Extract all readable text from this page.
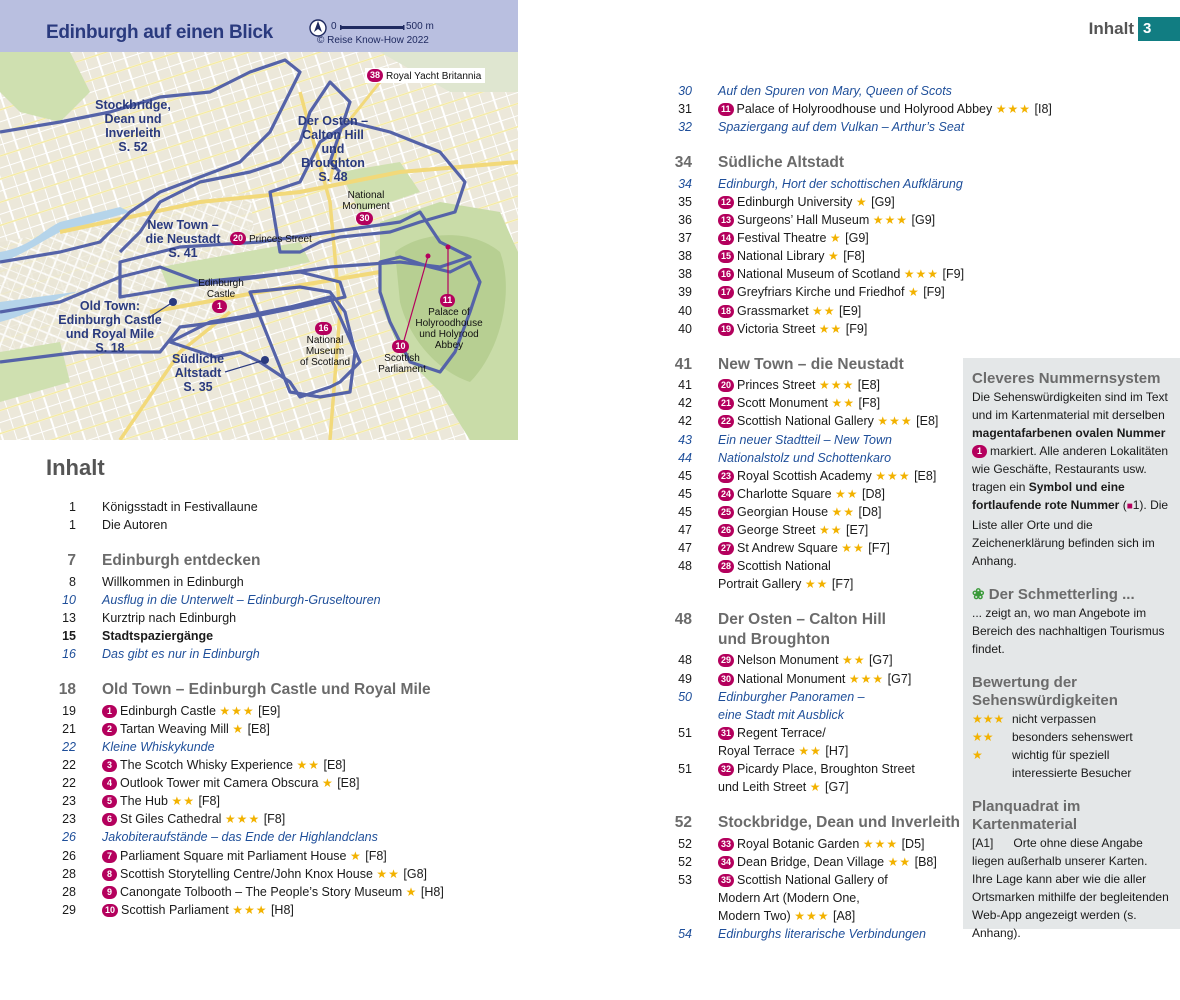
Edinburgh auf einen Blick	0	500 m
© Reise Know-How 2022
Stockbridge,
Dean und
Inverleith
S. 52
Der Osten –
Calton Hill
und
Broughton
S. 48
New Town –
die Neustadt
S. 41
Old Town:
Edinburgh Castle
und Royal Mile
S. 18
Südliche
Altstadt
S. 35
38 Royal Yacht Britannia
National
Monument
30
20 Princes Street
Edinburgh
Castle
1
16
National
Museum
of Scotland
10
Scottish
Parliament
11
Palace of
Holyroodhouse
und Holyrood
Abbey
Inhalt
1 Königsstadt in Festivallaune
1 Die Autoren
7 Edinburgh entdecken
8 Willkommen in Edinburgh
10 Ausflug in die Unterwelt – Edinburgh-Gruseltouren
13 Kurztrip nach Edinburgh
15 Stadtspaziergänge
16 Das gibt es nur in Edinburgh
18 Old Town – Edinburgh Castle und Royal Mile
19	1 Edinburgh Castle ★★★ [E9]
21	2 Tartan Weaving Mill ★ [E8]
22 Kleine Whiskykunde
22	3 The Scotch Whisky Experience ★★ [E8]
22	4 Outlook Tower mit Camera Obscura ★ [E8]
23	5 The Hub ★★ [F8]
23	6 St Giles Cathedral ★★★ [F8]
26 Jakobiteraufstände – das Ende der Highlandclans
26	7 Parliament Square mit Parliament House ★ [F8]
28	8 Scottish Storytelling Centre/John Knox House ★★ [G8]
28	9 Canongate Tolbooth – The People’s Story Museum ★ [H8]
29	10 Scottish Parliament ★★★ [H8]
Inhalt 3
30 Auf den Spuren von Mary, Queen of Scots
31	11 Palace of Holyroodhouse und Holyrood Abbey ★★★ [I8]
32 Spaziergang auf dem Vulkan – Arthur’s Seat
34 Südliche Altstadt
34 Edinburgh, Hort der schottischen Aufklärung
35	12 Edinburgh University ★ [G9]
36	13 Surgeons’ Hall Museum ★★★ [G9]
37	14 Festival Theatre ★ [G9]
38	15 National Library ★ [F8]
38	16 National Museum of Scotland ★★★ [F9]
39	17 Greyfriars Kirche und Friedhof ★ [F9]
40	18 Grassmarket ★★ [E9]
40	19 Victoria Street ★★ [F9]
41 New Town – die Neustadt
41	20 Princes Street ★★★ [E8]
42	21 Scott Monument ★★ [F8]
42	22 Scottish National Gallery ★★★ [E8]
43 Ein neuer Stadtteil – New Town
44 Nationalstolz und Schottenkaro
45	23 Royal Scottish Academy ★★★ [E8]
45	24 Charlotte Square ★★ [D8]
45	25 Georgian House ★★ [D8]
47	26 George Street ★★ [E7]
47	27 St Andrew Square ★★ [F7]
48	28 Scottish National
Portrait Gallery ★★ [F7]
48 Der Osten – Calton Hill
und Broughton
48	29 Nelson Monument ★★ [G7]
49	30 National Monument ★★★ [G7]
50 Edinburgher Panoramen –
eine Stadt mit Ausblick
51	31 Regent Terrace/
Royal Terrace ★★ [H7]
51	32 Picardy Place, Broughton Street
und Leith Street ★ [G7]
52 Stockbridge, Dean und Inverleith
52	33 Royal Botanic Garden ★★★ [D5]
52	34 Dean Bridge, Dean Village ★★ [B8]
53	35 Scottish National Gallery of
Modern Art (Modern One,
Modern Two) ★★★ [A8]
54 Edinburghs literarische Verbindungen
Cleveres Nummernsystem
Die Sehenswürdigkeiten sind im Text und im Kartenmaterial mit derselben magentafarbenen ovalen Nummer 1 markiert. Alle anderen Lokalitäten wie Geschäfte, Restaurants usw. tragen ein Symbol und eine fortlaufende rote Nummer (■1). Die Liste aller Orte und die Zeichenerklärung befinden sich im Anhang.
❀ Der Schmetterling ...
... zeigt an, wo man Angebote im Bereich des nachhaltigen Tourismus findet.
Bewertung der Sehenswürdigkeiten
★★★ nicht verpassen
★★	besonders sehenswert
★	wichtig für speziell
interessierte Besucher
Planquadrat im Kartenmaterial
[A1] Orte ohne diese Angabe liegen außerhalb unserer Karten. Ihre Lage kann aber wie die aller Ortsmarken mithilfe der begleitenden Web-App angezeigt werden (s. Anhang).
